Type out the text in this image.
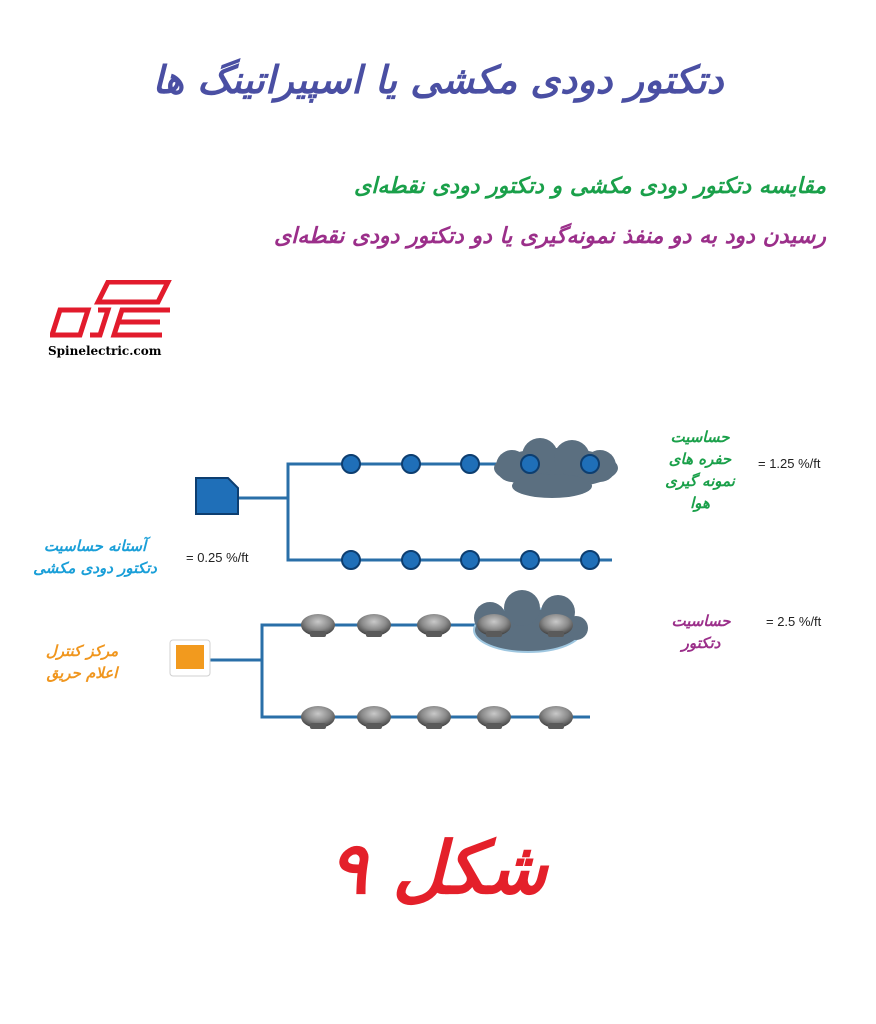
دتکتور دودی مکشی یا اسپیراتینگ ها
مقایسه دتکتور دودی مکشی و دتکتور دودی نقطه‌ای
رسیدن دود به دو منفذ نمونه‌گیری یا دو دتکتور دودی نقطه‌ای
Spinelectric.com
آستانه حساسیت
دتکتور دودی مکشی
= 0.25 %/ft
حساسیت
حفره های
نمونه گیری
هوا
= 1.25 %/ft
مرکز کنترل
اعلام حریق
حساسیت
دتکتور
= 2.5 %/ft
شکل ۹
